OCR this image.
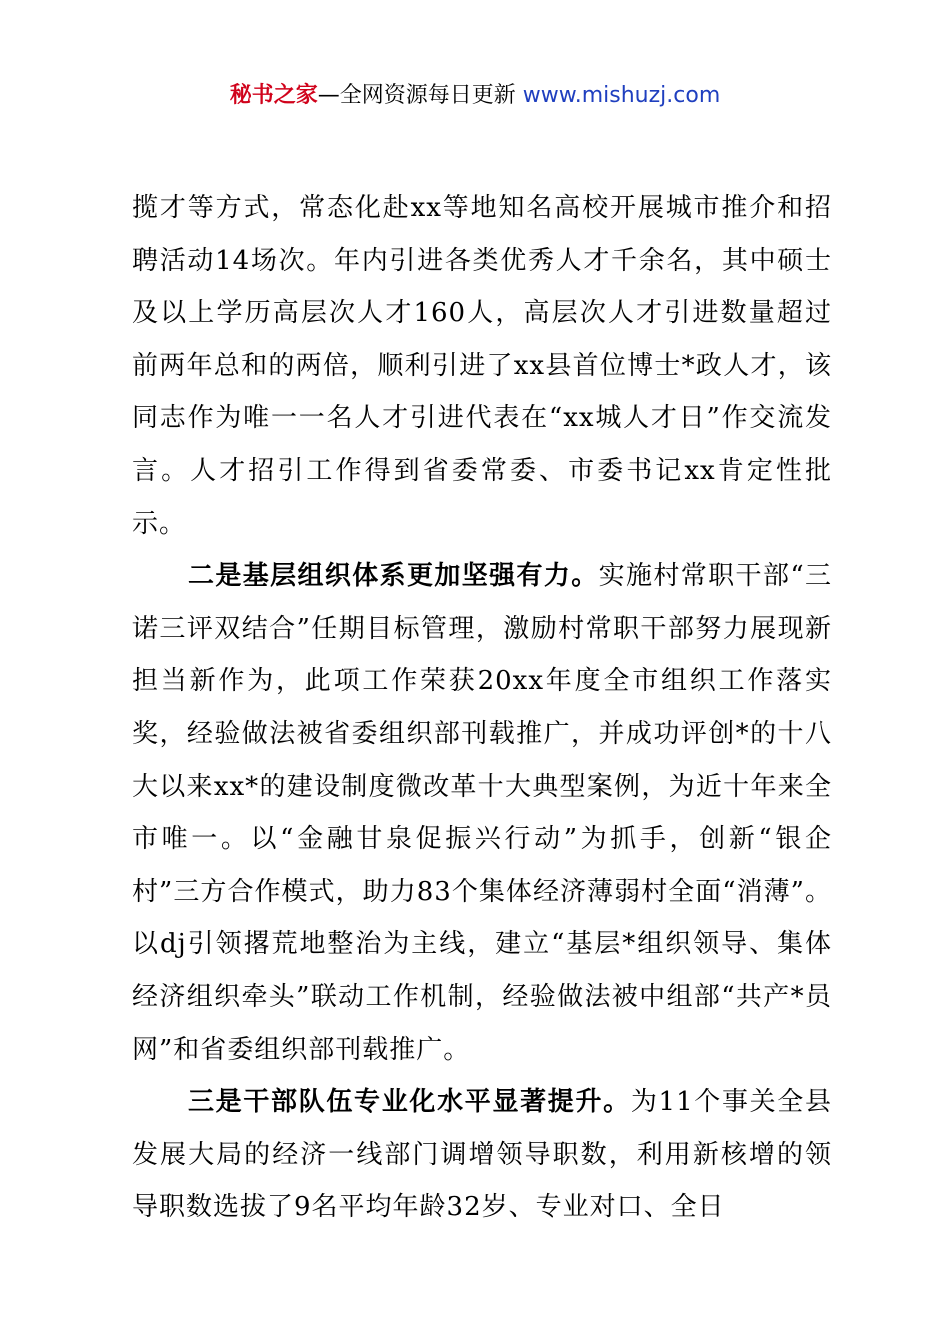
秘书之家—全网资源每日更新 www.mishuzj.com

揽才等方式，常态化赴xx等地知名高校开展城市推介和招聘活动14场次。年内引进各类优秀人才千余名，其中硕士及以上学历高层次人才160人，高层次人才引进数量超过前两年总和的两倍，顺利引进了xx县首位博士*政人才，该同志作为唯一一名人才引进代表在“xx城人才日”作交流发言。人才招引工作得到省委常委、市委书记xx肯定性批示。

二是基层组织体系更加坚强有力。实施村常职干部“三诺三评双结合”任期目标管理，激励村常职干部努力展现新担当新作为，此项工作荣获20xx年度全市组织工作落实奖，经验做法被省委组织部刊载推广，并成功评创*的十八大以来xx*的建设制度微改革十大典型案例，为近十年来全市唯一。以“金融甘泉促振兴行动”为抓手，创新“银企村”三方合作模式，助力83个集体经济薄弱村全面“消薄”。以dj引领撂荒地整治为主线，建立“基层*组织领导、集体经济组织牵头”联动工作机制，经验做法被中组部“共产*员网”和省委组织部刊载推广。

三是干部队伍专业化水平显著提升。为11个事关全县发展大局的经济一线部门调增领导职数，利用新核增的领导职数选拔了9名平均年龄32岁、专业对口、全日
